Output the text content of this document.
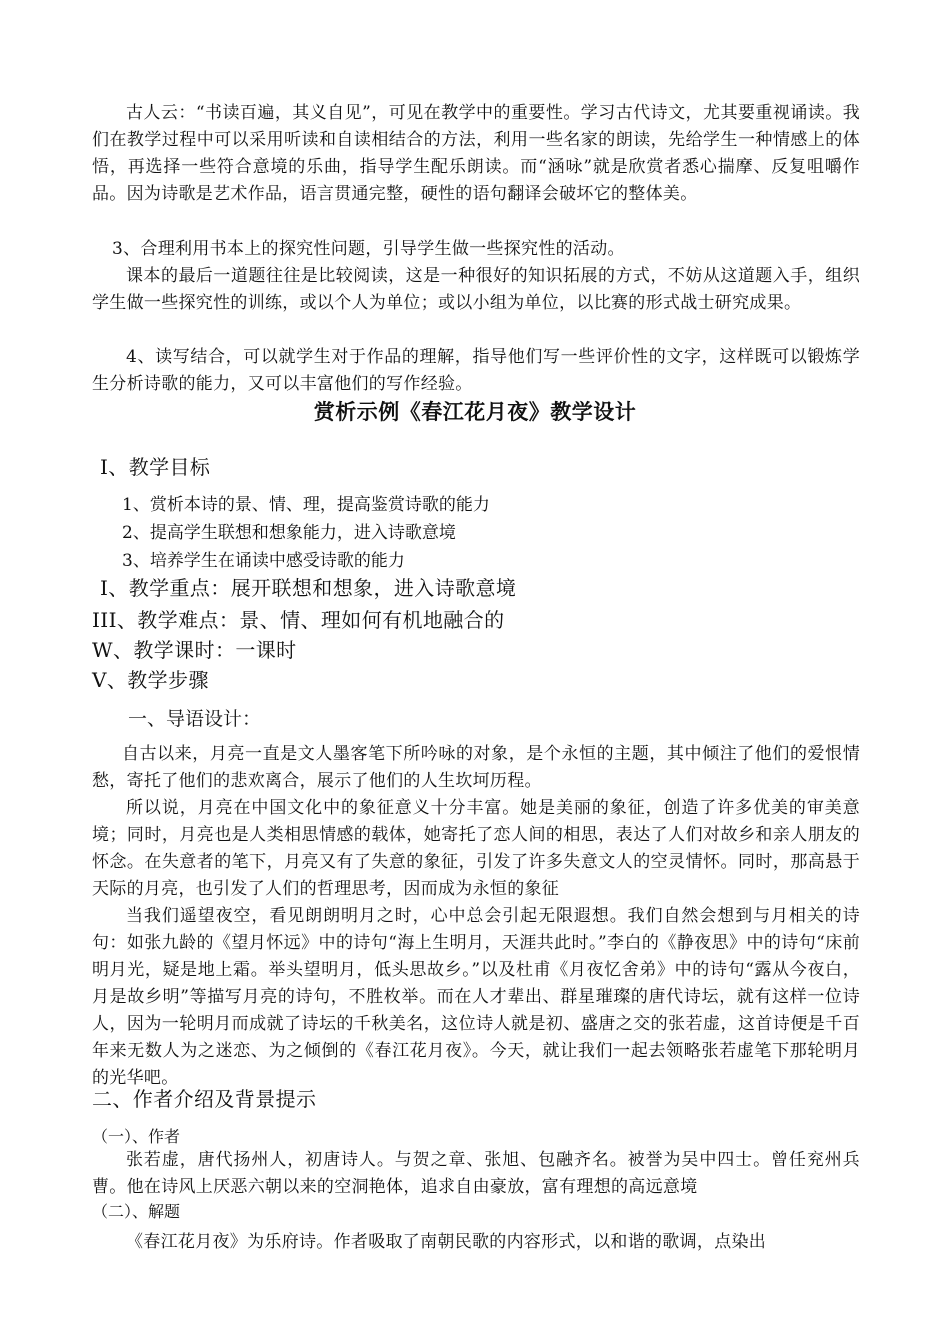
古人云：“书读百遍，其义自见”，可见在教学中的重要性。学习古代诗文，尤其要重视诵读。我们在教学过程中可以采用听读和自读相结合的方法，利用一些名家的朗读，先给学生一种情感上的体悟，再选择一些符合意境的乐曲，指导学生配乐朗读。而“涵咏”就是欣赏者悉心揣摩、反复咀嚼作品。因为诗歌是艺术作品，语言贯通完整，硬性的语句翻译会破坏它的整体美。

3、合理利用书本上的探究性问题，引导学生做一些探究性的活动。

课本的最后一道题往往是比较阅读，这是一种很好的知识拓展的方式，不妨从这道题入手，组织学生做一些探究性的训练，或以个人为单位；或以小组为单位，以比赛的形式战士研究成果。

4、读写结合，可以就学生对于作品的理解，指导他们写一些评价性的文字，这样既可以锻炼学生分析诗歌的能力，又可以丰富他们的写作经验。

赏析示例《春江花月夜》教学设计

I、教学目标

1、赏析本诗的景、情、理，提高鉴赏诗歌的能力

2、提高学生联想和想象能力，进入诗歌意境

3、培养学生在诵读中感受诗歌的能力

I、教学重点：展开联想和想象，进入诗歌意境

III、教学难点：景、情、理如何有机地融合的

W、教学课时：一课时

V、教学步骤

一、导语设计：

自古以来，月亮一直是文人墨客笔下所吟咏的对象，是个永恒的主题，其中倾注了他们的爱恨情愁，寄托了他们的悲欢离合，展示了他们的人生坎坷历程。

所以说，月亮在中国文化中的象征意义十分丰富。她是美丽的象征，创造了许多优美的审美意境；同时，月亮也是人类相思情感的载体，她寄托了恋人间的相思，表达了人们对故乡和亲人朋友的怀念。在失意者的笔下，月亮又有了失意的象征，引发了许多失意文人的空灵情怀。同时，那高悬于天际的月亮，也引发了人们的哲理思考，因而成为永恒的象征

当我们遥望夜空，看见朗朗明月之时，心中总会引起无限遐想。我们自然会想到与月相关的诗句：如张九龄的《望月怀远》中的诗句“海上生明月，天涯共此时。”李白的《静夜思》中的诗句“床前明月光，疑是地上霜。举头望明月，低头思故乡。”以及杜甫《月夜忆舍弟》中的诗句“露从今夜白，月是故乡明”等描写月亮的诗句，不胜枚举。而在人才辈出、群星璀璨的唐代诗坛，就有这样一位诗人，因为一轮明月而成就了诗坛的千秋美名，这位诗人就是初、盛唐之交的张若虚，这首诗便是千百年来无数人为之迷恋、为之倾倒的《春江花月夜》。今天，就让我们一起去领略张若虚笔下那轮明月的光华吧。

二、作者介绍及背景提示

（一）、作者

张若虚，唐代扬州人，初唐诗人。与贺之章、张旭、包融齐名。被誉为吴中四士。曾任兖州兵曹。他在诗风上厌恶六朝以来的空洞艳体，追求自由豪放，富有理想的高远意境

（二）、解题

《春江花月夜》为乐府诗。作者吸取了南朝民歌的内容形式，以和谐的歌调，点染出
